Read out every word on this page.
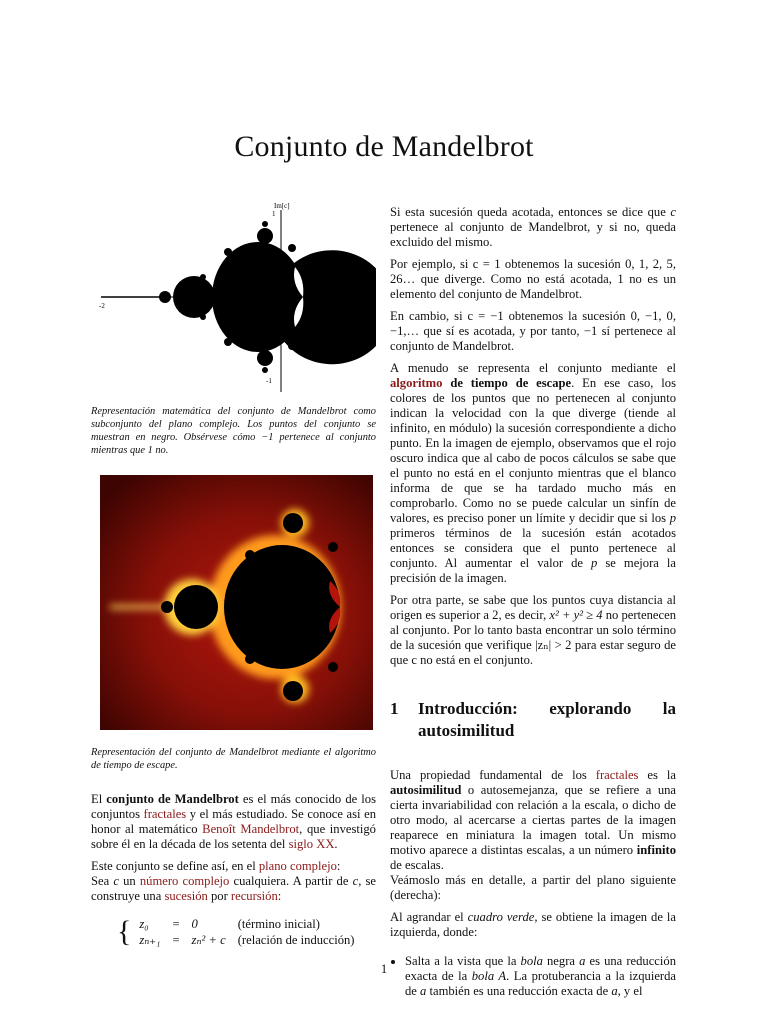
Conjunto de Mandelbrot
Im[c]
1
-1
-2

Representación matemática del conjunto de Mandelbrot como subconjunto del plano complejo. Los puntos del conjunto se muestran en negro. Obsérvese cómo −1 pertenece al conjunto mientras que 1 no.

Representación del conjunto de Mandelbrot mediante el algoritmo de tiempo de escape.

El conjunto de Mandelbrot es el más conocido de los conjuntos fractales y el más estudiado. Se conoce así en honor al matemático Benoît Mandelbrot, que investigó sobre él en la década de los setenta del siglo XX.

Este conjunto se define así, en el plano complejo:

Sea c un número complejo cualquiera. A partir de c, se construye una sucesión por recursión:

{	z₀	=	0	(término inicial)
	zₙ₊₁	=	zₙ² + c	(relación de inducción)

Si esta sucesión queda acotada, entonces se dice que c pertenece al conjunto de Mandelbrot, y si no, queda excluido del mismo.

Por ejemplo, si c = 1 obtenemos la sucesión 0, 1, 2, 5, 26… que diverge. Como no está acotada, 1 no es un elemento del conjunto de Mandelbrot.

En cambio, si c = −1 obtenemos la sucesión 0, −1, 0, −1,… que sí es acotada, y por tanto, −1 sí pertenece al conjunto de Mandelbrot.

A menudo se representa el conjunto mediante el algoritmo de tiempo de escape. En ese caso, los colores de los puntos que no pertenecen al conjunto indican la velocidad con la que diverge (tiende al infinito, en módulo) la sucesión correspondiente a dicho punto. En la imagen de ejemplo, observamos que el rojo oscuro indica que al cabo de pocos cálculos se sabe que el punto no está en el conjunto mientras que el blanco informa de que se ha tardado mucho más en comprobarlo. Como no se puede calcular un sinfín de valores, es preciso poner un límite y decidir que si los p primeros términos de la sucesión están acotados entonces se considera que el punto pertenece al conjunto. Al aumentar el valor de p se mejora la precisión de la imagen.

Por otra parte, se sabe que los puntos cuya distancia al origen es superior a 2, es decir, x² + y² ≥ 4 no pertenecen al conjunto. Por lo tanto basta encontrar un solo término de la sucesión que verifique |zₙ| > 2 para estar seguro de que c no está en el conjunto.

1	Introducción: explorando la autosimilitud

Una propiedad fundamental de los fractales es la autosimilitud o autosemejanza, que se refiere a una cierta invariabilidad con relación a la escala, o dicho de otro modo, al acercarse a ciertas partes de la imagen reaparece en miniatura la imagen total. Un mismo motivo aparece a distintas escalas, a un número infinito de escalas.

Veámoslo más en detalle, a partir del plano siguiente (derecha):

Al agrandar el cuadro verde, se obtiene la imagen de la izquierda, donde:

• Salta a la vista que la bola negra a es una reducción exacta de la bola A. La protuberancia a la izquierda de a también es una reducción exacta de a, y el
1
